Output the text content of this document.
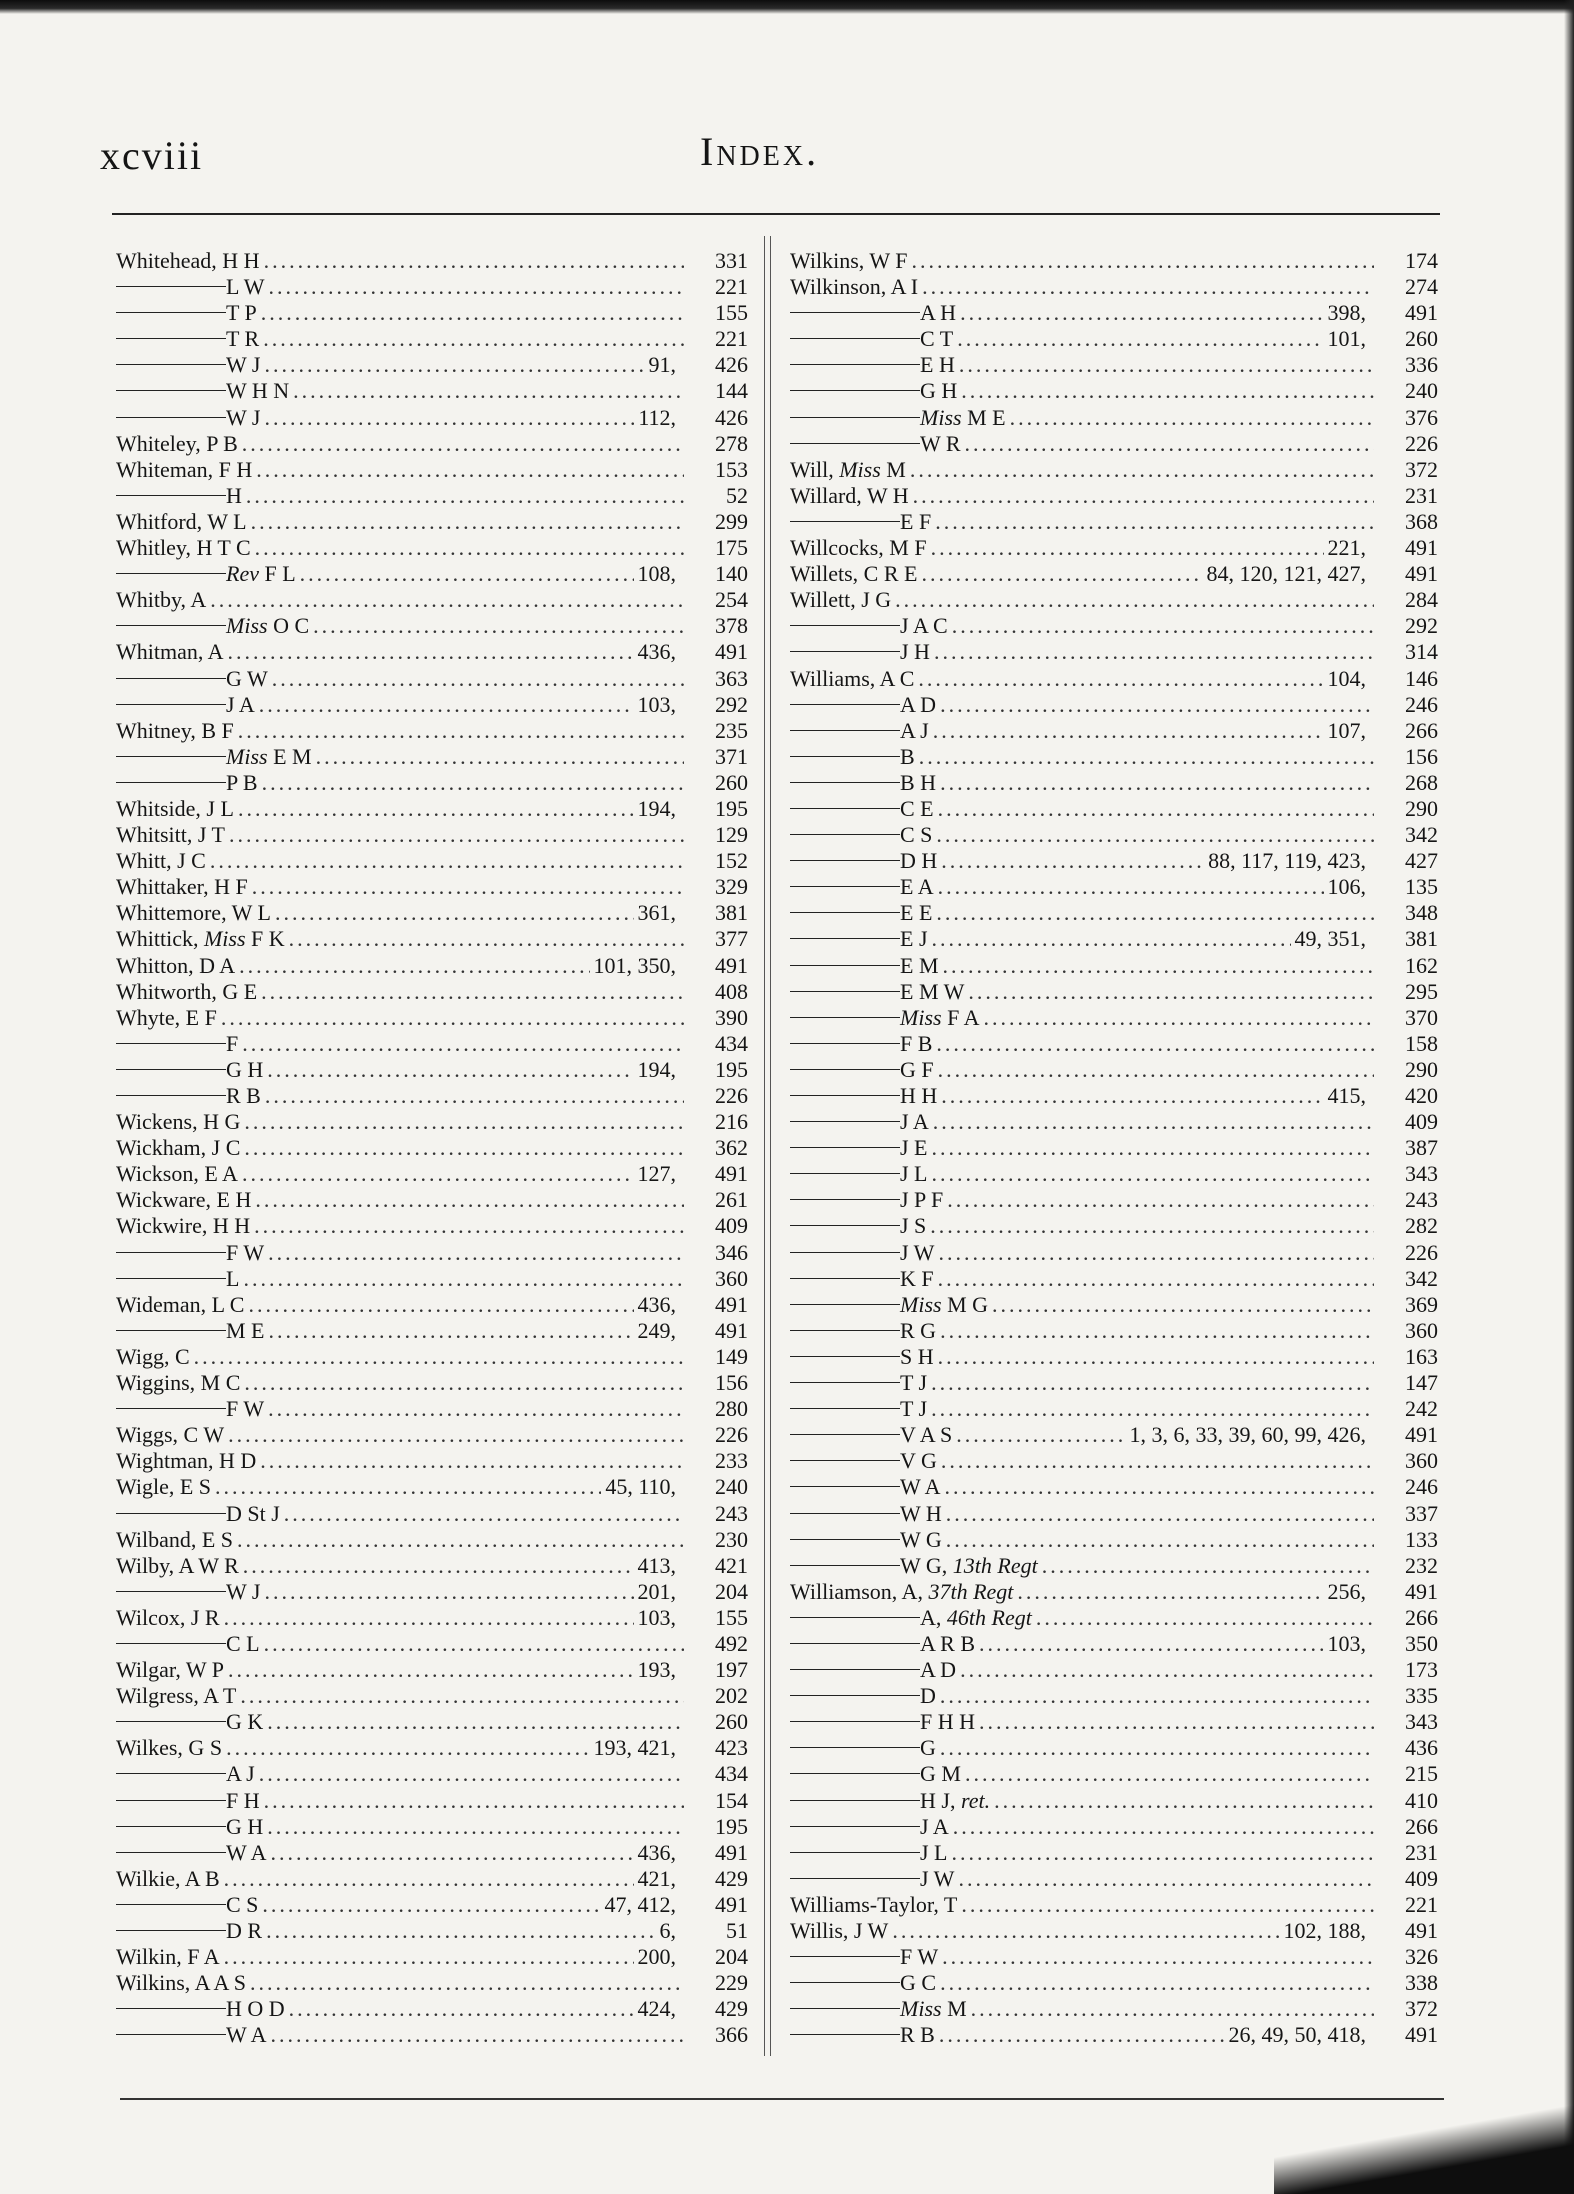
xcviii	Index.
Whitehead, H H .....	331
L W .....	221
T P .....	155
T R .....	221
W J .....	91,	426
W H N .....	144
W J .....	112,	426
Whiteley, P B .....	278
Whiteman, F H .....	153
H .....	52
Whitford, W L .....	299
Whitley, H T C .....	175
Rev F L .....	108,	140
Whitby, A .....	254
Miss O C .....	378
Whitman, A .....	436,	491
G W .....	363
J A .....	103,	292
Whitney, B F .....	235
Miss E M .....	371
P B .....	260
Whitside, J L .....	194,	195
Whitsitt, J T .....	129
Whitt, J C .....	152
Whittaker, H F .....	329
Whittemore, W L .....	361,	381
Whittick, Miss F K .....	377
Whitton, D A .....	101, 350,	491
Whitworth, G E .....	408
Whyte, E F .....	390
F .....	434
G H .....	194,	195
R B .....	226
Wickens, H G .....	216
Wickham, J C .....	362
Wickson, E A .....	127,	491
Wickware, E H .....	261
Wickwire, H H .....	409
F W .....	346
L .....	360
Wideman, L C .....	436,	491
M E .....	249,	491
Wigg, C .....	149
Wiggins, M C .....	156
F W .....	280
Wiggs, C W .....	226
Wightman, H D .....	233
Wigle, E S .....	45, 110,	240
D St J .....	243
Wilband, E S .....	230
Wilby, A W R .....	413,	421
W J .....	201,	204
Wilcox, J R .....	103,	155
C L .....	492
Wilgar, W P .....	193,	197
Wilgress, A T .....	202
G K .....	260
Wilkes, G S .....	193, 421,	423
A J .....	434
F H .....	154
G H .....	195
W A .....	436,	491
Wilkie, A B .....	421,	429
C S .....	47, 412,	491
D R .....	6,	51
Wilkin, F A .....	200,	204
Wilkins, A A S .....	229
H O D .....	424,	429
W A .....	366
Wilkins, W F .....	174
Wilkinson, A I .....	274
A H .....	398,	491
C T .....	101,	260
E H .....	336
G H .....	240
Miss M E .....	376
W R .....	226
Will, Miss M .....	372
Willard, W H .....	231
E F .....	368
Willcocks, M F .....	221,	491
Willets, C R E .....	84, 120, 121, 427,	491
Willett, J G .....	284
J A C .....	292
J H .....	314
Williams, A C .....	104,	146
A D .....	246
A J .....	107,	266
B .....	156
B H .....	268
C E .....	290
C S .....	342
D H .....	88, 117, 119, 423,	427
E A .....	106,	135
E E .....	348
E J .....	49, 351,	381
E M .....	162
E M W .....	295
Miss F A .....	370
F B .....	158
G F .....	290
H H .....	415,	420
J A .....	409
J E .....	387
J L .....	343
J P F .....	243
J S .....	282
J W .....	226
K F .....	342
Miss M G .....	369
R G .....	360
S H .....	163
T J .....	147
T J .....	242
V A S .....	1, 3, 6, 33, 39, 60, 99, 426,	491
V G .....	360
W A .....	246
W H .....	337
W G .....	133
W G, 13th Regt .....	232
Williamson, A, 37th Regt .....	256,	491
A, 46th Regt .....	266
A R B .....	103,	350
A D .....	173
D .....	335
F H H .....	343
G .....	436
G M .....	215
H J, ret. .....	410
J A .....	266
J L .....	231
J W .....	409
Williams-Taylor, T .....	221
Willis, J W .....	102, 188,	491
F W .....	326
G C .....	338
Miss M .....	372
R B .....	26, 49, 50, 418,	491
